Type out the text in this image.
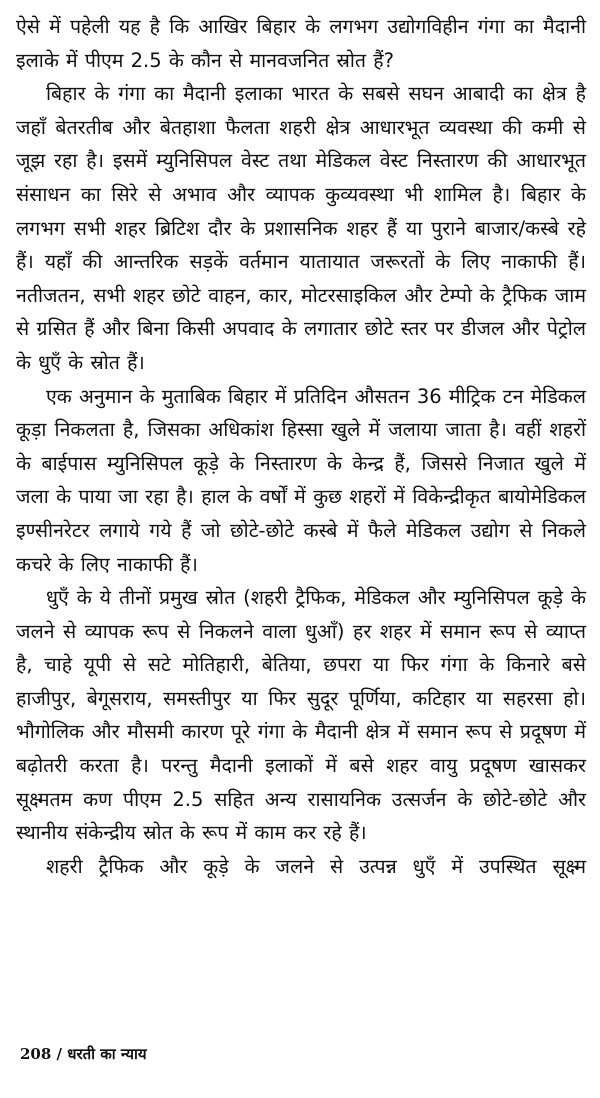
ऐसे में पहेली यह है कि आखिर बिहार के लगभग उद्योगविहीन गंगा का मैदानी इलाके में पीएम 2.5 के कौन से मानवजनित स्रोत हैं?

बिहार के गंगा का मैदानी इलाका भारत के सबसे सघन आबादी का क्षेत्र है जहाँ बेतरतीब और बेतहाशा फैलता शहरी क्षेत्र आधारभूत व्यवस्था की कमी से जूझ रहा है। इसमें म्युनिसिपल वेस्ट तथा मेडिकल वेस्ट निस्तारण की आधारभूत संसाधन का सिरे से अभाव और व्यापक कुव्यवस्था भी शामिल है। बिहार के लगभग सभी शहर ब्रिटिश दौर के प्रशासनिक शहर हैं या पुराने बाजार/कस्बे रहे हैं। यहाँ की आन्तरिक सड़कें वर्तमान यातायात जरूरतों के लिए नाकाफी हैं। नतीजतन, सभी शहर छोटे वाहन, कार, मोटरसाइकिल और टेम्पो के ट्रैफिक जाम से ग्रसित हैं और बिना किसी अपवाद के लगातार छोटे स्तर पर डीजल और पेट्रोल के धुएँ के स्रोत हैं।

एक अनुमान के मुताबिक बिहार में प्रतिदिन औसतन 36 मीट्रिक टन मेडिकल कूड़ा निकलता है, जिसका अधिकांश हिस्सा खुले में जलाया जाता है। वहीं शहरों के बाईपास म्युनिसिपल कूड़े के निस्तारण के केन्द्र हैं, जिससे निजात खुले में जला के पाया जा रहा है। हाल के वर्षों में कुछ शहरों में विकेन्द्रीकृत बायोमेडिकल इण्सीनरेटर लगाये गये हैं जो छोटे-छोटे कस्बे में फैले मेडिकल उद्योग से निकले कचरे के लिए नाकाफी हैं।

धुएँ के ये तीनों प्रमुख स्रोत (शहरी ट्रैफिक, मेडिकल और म्युनिसिपल कूड़े के जलने से व्यापक रूप से निकलने वाला धुआँ) हर शहर में समान रूप से व्याप्त है, चाहे यूपी से सटे मोतिहारी, बेतिया, छपरा या फिर गंगा के किनारे बसे हाजीपुर, बेगूसराय, समस्तीपुर या फिर सुदूर पूर्णिया, कटिहार या सहरसा हो। भौगोलिक और मौसमी कारण पूरे गंगा के मैदानी क्षेत्र में समान रूप से प्रदूषण में बढ़ोतरी करता है। परन्तु मैदानी इलाकों में बसे शहर वायु प्रदूषण खासकर सूक्ष्मतम कण पीएम 2.5 सहित अन्य रासायनिक उत्सर्जन के छोटे-छोटे और स्थानीय संकेन्द्रीय स्रोत के रूप में काम कर रहे हैं।

शहरी ट्रैफिक और कूड़े के जलने से उत्पन्न धुएँ में उपस्थित सूक्ष्म

208 / धरती का न्याय
